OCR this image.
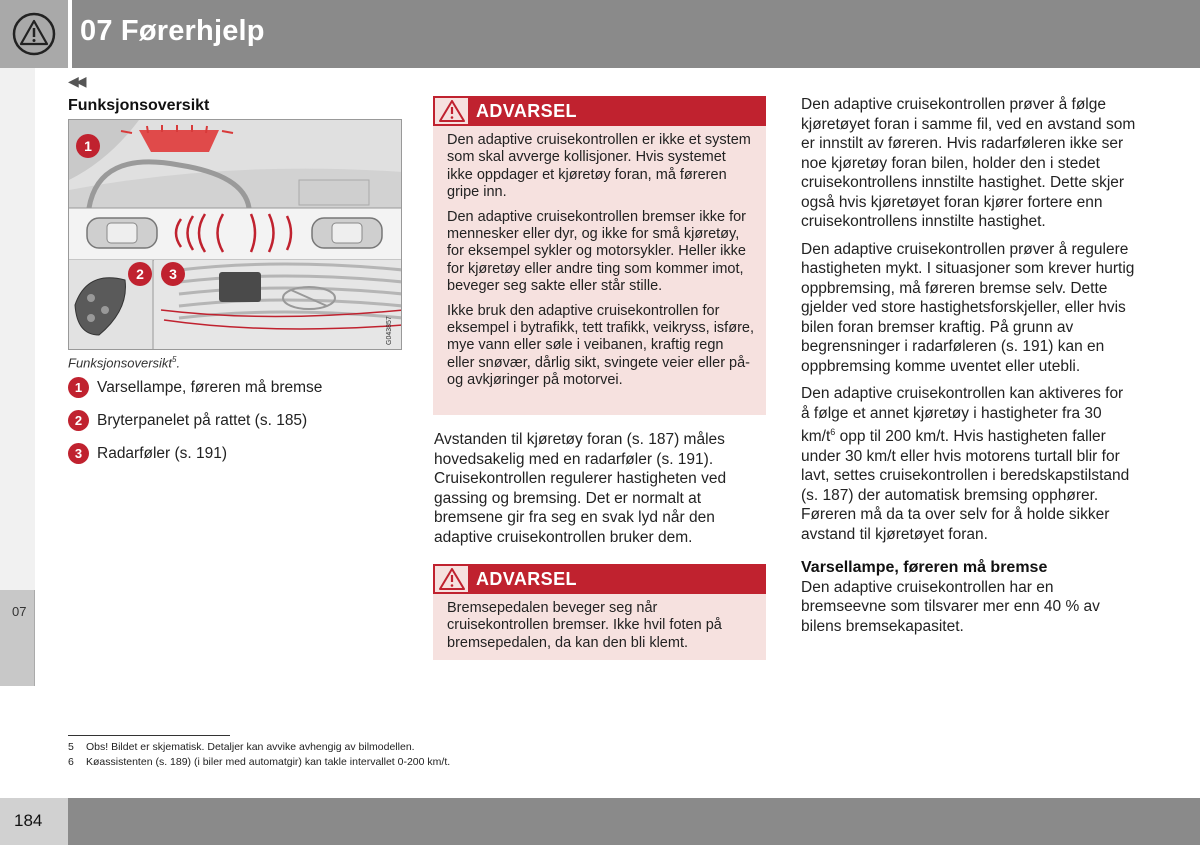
07 Førerhjelp
07
◀◀
Funksjonsoversikt
G043857
1
2 3
Funksjonsoversikt$^5$.
1 Varsellampe, føreren må bremse
2 Bryterpanelet på rattet (s. 185)
3 Radarføler (s. 191)
ADVARSEL

Den adaptive cruisekontrollen er ikke et system som skal avverge kollisjoner. Hvis systemet ikke oppdager et kjøretøy foran, må føreren gripe inn.

Den adaptive cruisekontrollen bremser ikke for mennesker eller dyr, og ikke for små kjøretøy, for eksempel sykler og motorsykler. Heller ikke for kjøretøy eller andre ting som kommer imot, beveger seg sakte eller står stille.

Ikke bruk den adaptive cruisekontrollen for eksempel i bytrafikk, tett trafikk, veikryss, isføre, mye vann eller søle i veibanen, kraftig regn eller snøvær, dårlig sikt, svingete veier eller på- og avkjøringer på motorvei.

Avstanden til kjøretøy foran (s. 187) måles hovedsakelig med en radarføler (s. 191). Cruisekontrollen regulerer hastigheten ved gassing og bremsing. Det er normalt at bremsene gir fra seg en svak lyd når den adaptive cruisekontrollen bruker dem.
ADVARSEL

Bremsepedalen beveger seg når cruisekontrollen bremser. Ikke hvil foten på bremsepedalen, da kan den bli klemt.

Den adaptive cruisekontrollen prøver å følge kjøretøyet foran i samme fil, ved en avstand som er innstilt av føreren. Hvis radarføleren ikke ser noe kjøretøy foran bilen, holder den i stedet cruisekontrollens innstilte hastighet. Dette skjer også hvis kjøretøyet foran kjører fortere enn cruisekontrollens innstilte hastighet.

Den adaptive cruisekontrollen prøver å regulere hastigheten mykt. I situasjoner som krever hurtig oppbremsing, må føreren bremse selv. Dette gjelder ved store hastighetsforskjeller, eller hvis bilen foran bremser kraftig. På grunn av begrensninger i radarføleren (s. 191) kan en oppbremsing komme uventet eller utebli.

Den adaptive cruisekontrollen kan aktiveres for å følge et annet kjøretøy i hastigheter fra 30 $km/t^6$ opp til 200 km/t. Hvis hastigheten faller under 30 km/t eller hvis motorens turtall blir for lavt, settes cruisekontrollen i beredskapstilstand (s. 187) der automatisk bremsing opphører. Føreren må da ta over selv for å holde sikker avstand til kjøretøyet foran.

Varsellampe, føreren må bremse

Den adaptive cruisekontrollen har en bremseevne som tilsvarer mer enn 40 % av bilens bremsekapasitet.

5	Obs! Bildet er skjematisk. Detaljer kan avvike avhengig av bilmodellen.
6	Køassistenten (s. 189) (i biler med automatgir) kan takle intervallet 0-200 km/t.
184
